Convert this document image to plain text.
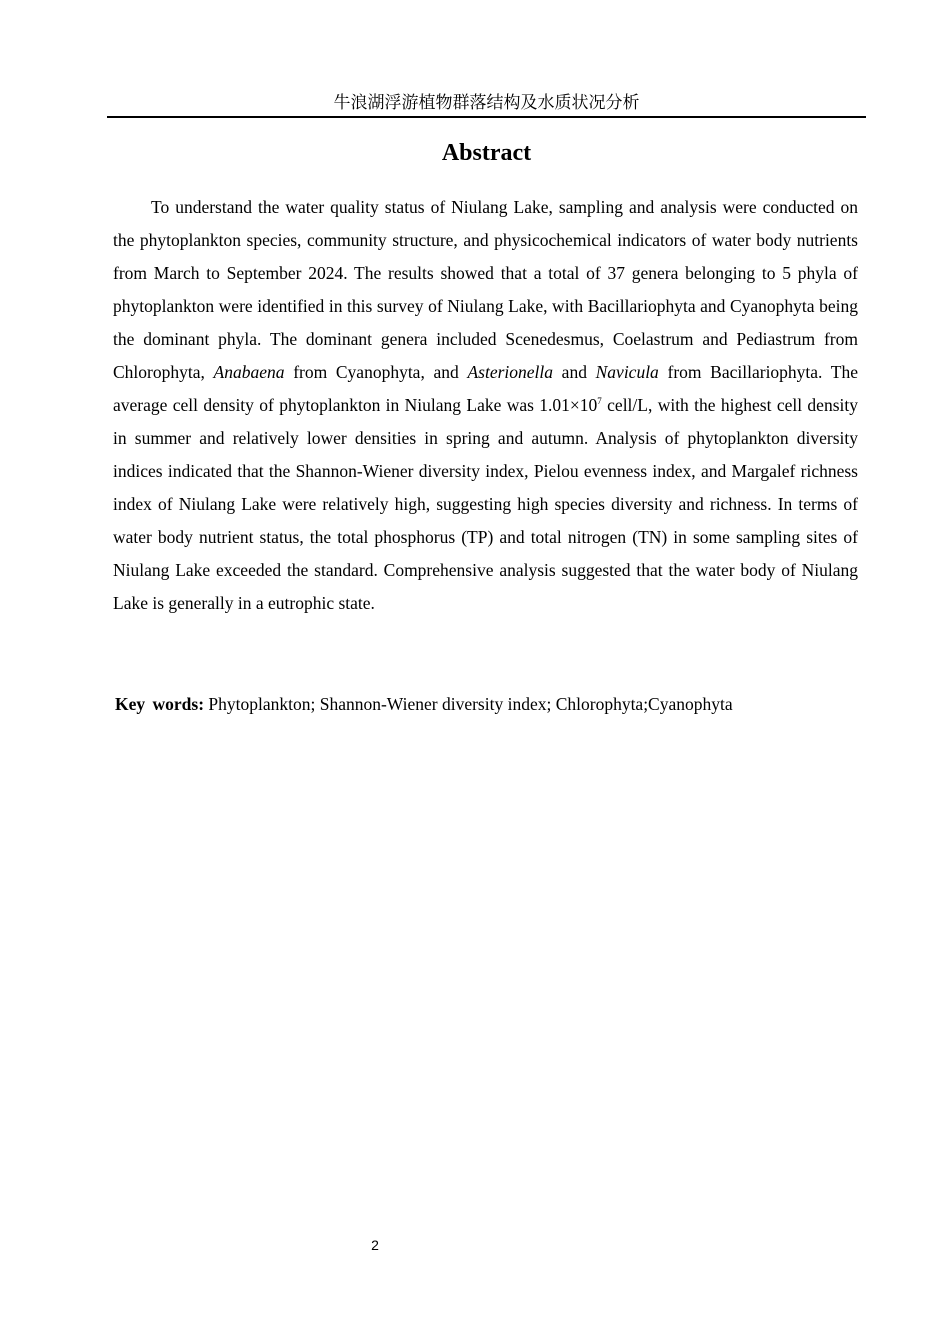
牛浪湖浮游植物群落结构及水质状况分析
Abstract

To understand the water quality status of Niulang Lake, sampling and analysis were conducted on the phytoplankton species, community structure, and physicochemical indicators of water body nutrients from March to September 2024. The results showed that a total of 37 genera belonging to 5 phyla of phytoplankton were identified in this survey of Niulang Lake, with Bacillariophyta and Cyanophyta being the dominant phyla. The dominant genera included Scenedesmus, Coelastrum and Pediastrum from Chlorophyta, Anabaena from Cyanophyta, and Asterionella and Navicula from Bacillariophyta. The average cell density of phytoplankton in Niulang Lake was $1.01\times 10^7$ cell/L, with the highest cell density in summer and relatively lower densities in spring and autumn. Analysis of phytoplankton diversity indices indicated that the Shannon-Wiener diversity index, Pielou evenness index, and Margalef richness index of Niulang Lake were relatively high, suggesting high species diversity and richness. In terms of water body nutrient status, the total phosphorus (TP) and total nitrogen (TN) in some sampling sites of Niulang Lake exceeded the standard. Comprehensive analysis suggested that the water body of Niulang Lake is generally in a eutrophic state.

Key words: Phytoplankton; Shannon-Wiener diversity index; Chlorophyta;Cyanophyta
2
